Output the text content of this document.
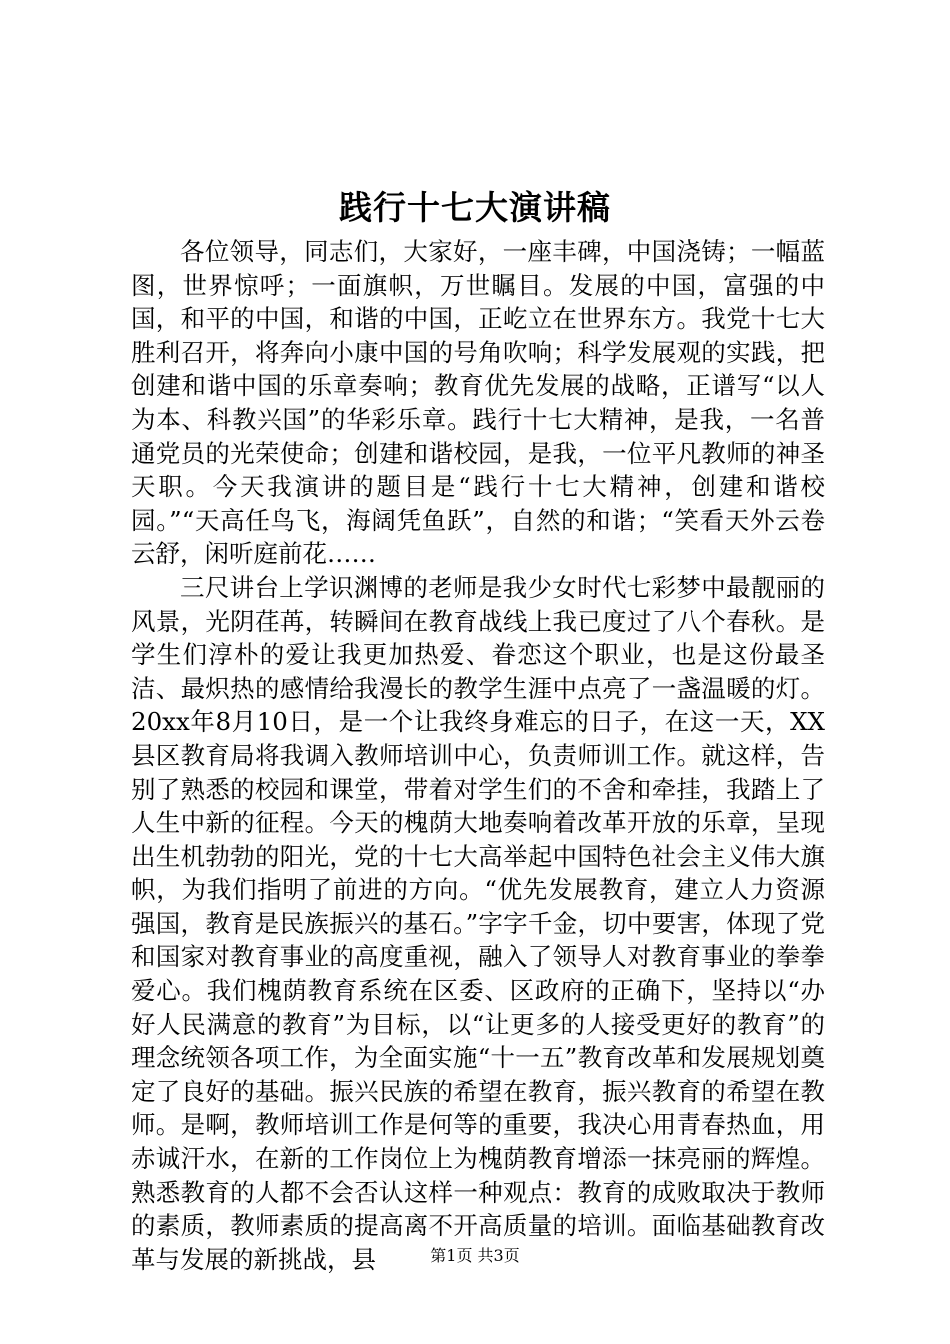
践行十七大演讲稿

各位领导，同志们，大家好，一座丰碑，中国浇铸；一幅蓝图，世界惊呼；一面旗帜，万世瞩目。发展的中国，富强的中国，和平的中国，和谐的中国，正屹立在世界东方。我党十七大胜利召开，将奔向小康中国的号角吹响；科学发展观的实践，把创建和谐中国的乐章奏响；教育优先发展的战略，正谱写“以人为本、科教兴国”的华彩乐章。践行十七大精神，是我，一名普通党员的光荣使命；创建和谐校园，是我，一位平凡教师的神圣天职。今天我演讲的题目是“践行十七大精神，创建和谐校园。”“天高任鸟飞，海阔凭鱼跃”，自然的和谐；“笑看天外云卷云舒，闲听庭前花……

三尺讲台上学识渊博的老师是我少女时代七彩梦中最靓丽的风景，光阴荏苒，转瞬间在教育战线上我已度过了八个春秋。是学生们淳朴的爱让我更加热爱、眷恋这个职业，也是这份最圣洁、最炽热的感情给我漫长的教学生涯中点亮了一盏温暖的灯。20xx年8月10日，是一个让我终身难忘的日子，在这一天，XX县区教育局将我调入教师培训中心，负责师训工作。就这样，告别了熟悉的校园和课堂，带着对学生们的不舍和牵挂，我踏上了人生中新的征程。今天的槐荫大地奏响着改革开放的乐章，呈现出生机勃勃的阳光，党的十七大高举起中国特色社会主义伟大旗帜，为我们指明了前进的方向。“优先发展教育，建立人力资源强国，教育是民族振兴的基石。”字字千金，切中要害，体现了党和国家对教育事业的高度重视，融入了领导人对教育事业的拳拳爱心。我们槐荫教育系统在区委、区政府的正确下，坚持以“办好人民满意的教育”为目标，以“让更多的人接受更好的教育”的理念统领各项工作，为全面实施“十一五”教育改革和发展规划奠定了良好的基础。振兴民族的希望在教育，振兴教育的希望在教师。是啊，教师培训工作是何等的重要，我决心用青春热血，用赤诚汗水，在新的工作岗位上为槐荫教育增添一抹亮丽的辉煌。熟悉教育的人都不会否认这样一种观点：教育的成败取决于教师的素质，教师素质的提高离不开高质量的培训。面临基础教育改革与发展的新挑战，县	第1页 共3页
